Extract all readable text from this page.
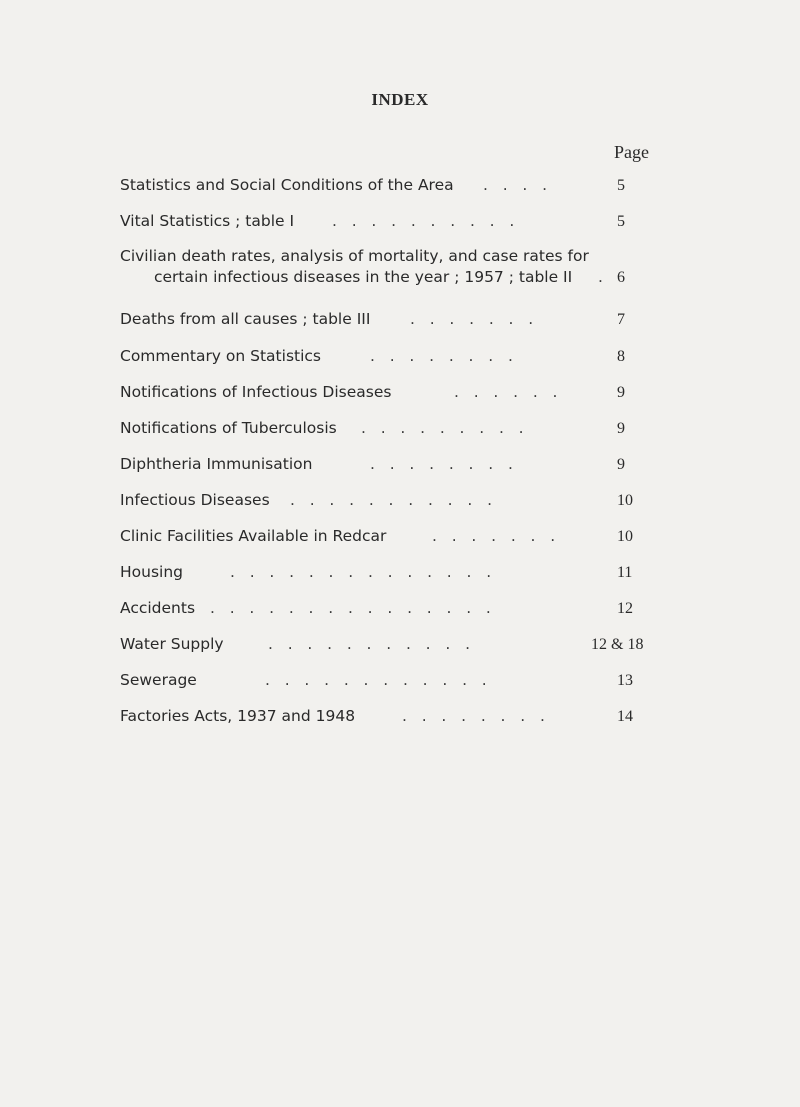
INDEX
Page
Statistics and Social Conditions of the Area .   .   .   .	5
Vital Statistics ; table I .   .   .   .   .   .   .   .   .   .	5
Civilian death rates, analysis of mortality, and case rates for
certain infectious diseases in the year ; 1957 ; table II . 6
Deaths from all causes ; table III	.   .   .   .   .   .   .	7
Commentary on Statistics	.   .   .   .   .   .   .   .	8
Notifications of Infectious Diseases	.   .   .   .   .   .	9
Notifications of Tuberculosis .   .   .   .   .   .   .   .   .	9
Diphtheria Immunisation	.   .   .   .   .   .   .   .	9
Infectious Diseases .   .   .   .   .   .   .   .   .   .   .	10
Clinic Facilities Available in Redcar	.   .   .   .   .   .   .	10
Housing	.   .   .   .   .   .   .   .   .   .   .   .   .   .	11
Accidents .   .   .   .   .   .   .   .   .   .   .   .   .   .   .	12
Water Supply	.   .   .   .   .   .   .   .   .   .   .	12 & 18
Sewerage	.   .   .   .   .   .   .   .   .   .   .   .	13
Factories Acts, 1937 and 1948	.   .   .   .   .   .   .   .	14
